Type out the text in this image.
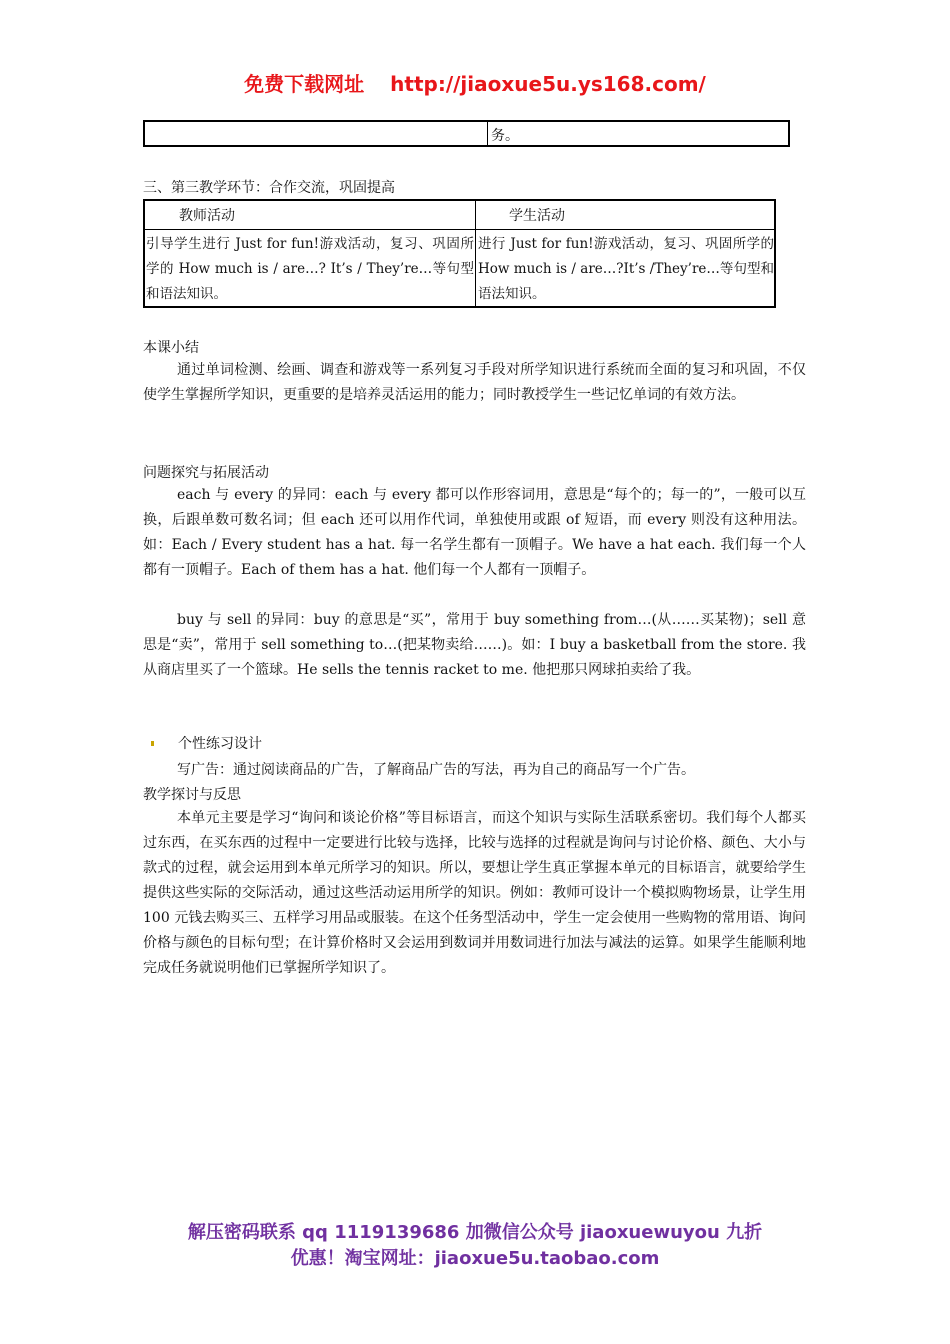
免费下载网址 http://jiaoxue5u.ys168.com/
务。
三、第三教学环节：合作交流，巩固提高
教师活动	学生活动
引导学生进行 Just for fun!游戏活动，复习、巩固所学的 How much is / are…? It’s / They’re…等句型和语法知识。
进行 Just for fun!游戏活动，复习、巩固所学的 How much is / are…?It’s /They’re…等句型和语法知识。
本课小结
通过单词检测、绘画、调查和游戏等一系列复习手段对所学知识进行系统而全面的复习和巩固，不仅使学生掌握所学知识，更重要的是培养灵活运用的能力；同时教授学生一些记忆单词的有效方法。
问题探究与拓展活动
each 与 every 的异同：each 与 every 都可以作形容词用，意思是“每个的；每一的”，一般可以互换，后跟单数可数名词；但 each 还可以用作代词，单独使用或跟 of 短语，而 every 则没有这种用法。如：Each / Every student has a hat. 每一名学生都有一顶帽子。We have a hat each. 我们每一个人都有一顶帽子。Each of them has a hat. 他们每一个人都有一顶帽子。
buy 与 sell 的异同：buy 的意思是“买”，常用于 buy something from…(从……买某物)；sell 意思是“卖”，常用于 sell something to…(把某物卖给……)。如：I buy a basketball from the store. 我从商店里买了一个篮球。He sells the tennis racket to me. 他把那只网球拍卖给了我。
个性练习设计
写广告：通过阅读商品的广告，了解商品广告的写法，再为自己的商品写一个广告。
教学探讨与反思
本单元主要是学习“询问和谈论价格”等目标语言，而这个知识与实际生活联系密切。我们每个人都买过东西，在买东西的过程中一定要进行比较与选择，比较与选择的过程就是询问与讨论价格、颜色、大小与款式的过程，就会运用到本单元所学习的知识。所以，要想让学生真正掌握本单元的目标语言，就要给学生提供这些实际的交际活动，通过这些活动运用所学的知识。例如：教师可设计一个模拟购物场景，让学生用 100 元钱去购买三、五样学习用品或服装。在这个任务型活动中，学生一定会使用一些购物的常用语、询问价格与颜色的目标句型；在计算价格时又会运用到数词并用数词进行加法与减法的运算。如果学生能顺利地完成任务就说明他们已掌握所学知识了。
解压密码联系 qq 1119139686 加微信公众号 jiaoxuewuyou 九折
优惠！淘宝网址：jiaoxue5u.taobao.com
